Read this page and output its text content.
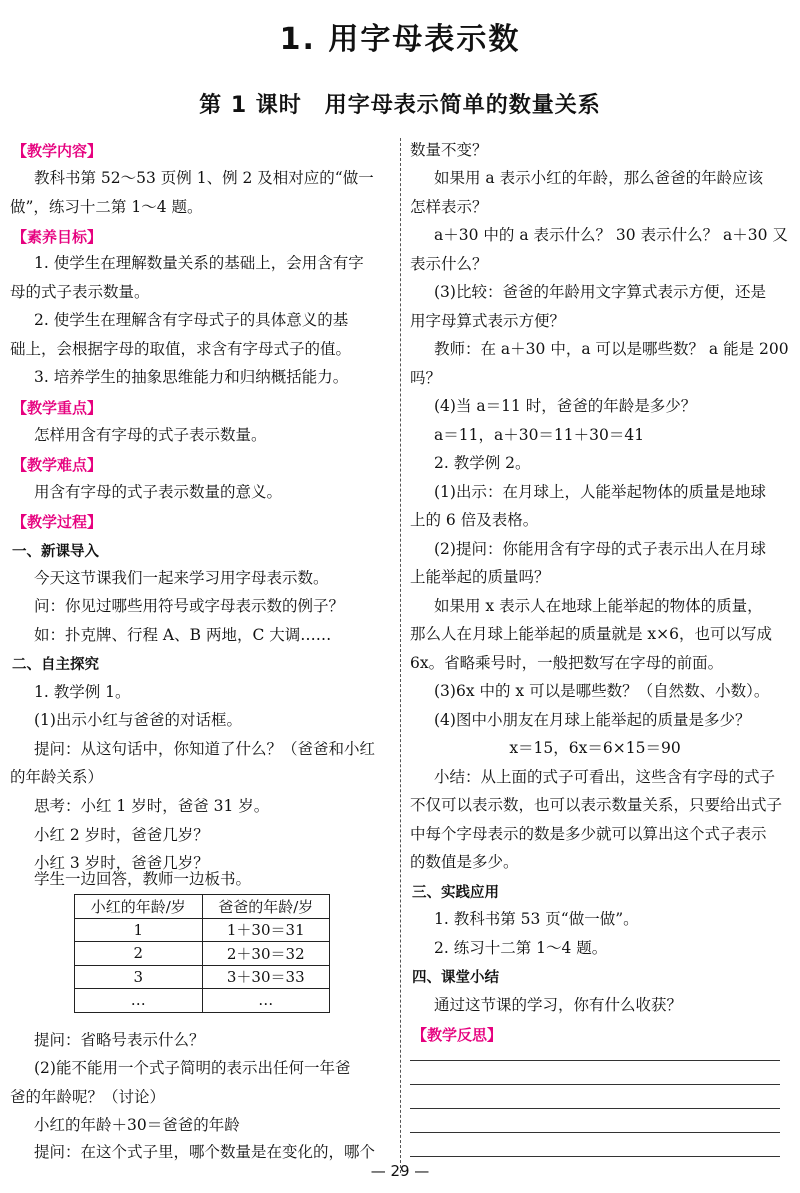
1. 用字母表示数
第 1 课时　用字母表示简单的数量关系
【教学内容】
教科书第 52～53 页例 1、例 2 及相对应的“做一
做”，练习十二第 1～4 题。
【素养目标】
1. 使学生在理解数量关系的基础上，会用含有字
母的式子表示数量。
2. 使学生在理解含有字母式子的具体意义的基
础上，会根据字母的取值，求含有字母式子的值。
3. 培养学生的抽象思维能力和归纳概括能力。
【教学重点】
怎样用含有字母的式子表示数量。
【教学难点】
用含有字母的式子表示数量的意义。
【教学过程】
一、新课导入
今天这节课我们一起来学习用字母表示数。
问：你见过哪些用符号或字母表示数的例子？
如：扑克牌、行程 A、B 两地，C 大调……
二、自主探究
1. 教学例 1。
(1)出示小红与爸爸的对话框。
提问：从这句话中，你知道了什么？（爸爸和小红
的年龄关系）
思考：小红 1 岁时，爸爸 31 岁。
小红 2 岁时，爸爸几岁？
小红 3 岁时，爸爸几岁？
学生一边回答，教师一边板书。
小红的年龄/岁	爸爸的年龄/岁
1	1＋30＝31
2	2＋30＝32
3	3＋30＝33
…	…
提问：省略号表示什么？
(2)能不能用一个式子简明的表示出任何一年爸
爸的年龄呢？（讨论）
小红的年龄＋30＝爸爸的年龄
提问：在这个式子里，哪个数量是在变化的，哪个
数量不变？
如果用 a 表示小红的年龄，那么爸爸的年龄应该
怎样表示？
a＋30 中的 a 表示什么？ 30 表示什么？ a＋30 又
表示什么？
(3)比较：爸爸的年龄用文字算式表示方便，还是
用字母算式表示方便？
教师：在 a＋30 中，a 可以是哪些数？ a 能是 200
吗？
(4)当 a＝11 时，爸爸的年龄是多少？
a＝11，a＋30＝11＋30＝41
2. 教学例 2。
(1)出示：在月球上，人能举起物体的质量是地球
上的 6 倍及表格。
(2)提问：你能用含有字母的式子表示出人在月球
上能举起的质量吗？
如果用 x 表示人在地球上能举起的物体的质量，
那么人在月球上能举起的质量就是 x×6，也可以写成
6x。省略乘号时，一般把数写在字母的前面。
(3)6x 中的 x 可以是哪些数？（自然数、小数）。
(4)图中小朋友在月球上能举起的质量是多少？
x＝15，6x＝6×15＝90
小结：从上面的式子可看出，这些含有字母的式子
不仅可以表示数，也可以表示数量关系，只要给出式子
中每个字母表示的数是多少就可以算出这个式子表示
的数值是多少。
三、实践应用
1. 教科书第 53 页“做一做”。
2. 练习十二第 1～4 题。
四、课堂小结
通过这节课的学习，你有什么收获？
【教学反思】
— 29 —
